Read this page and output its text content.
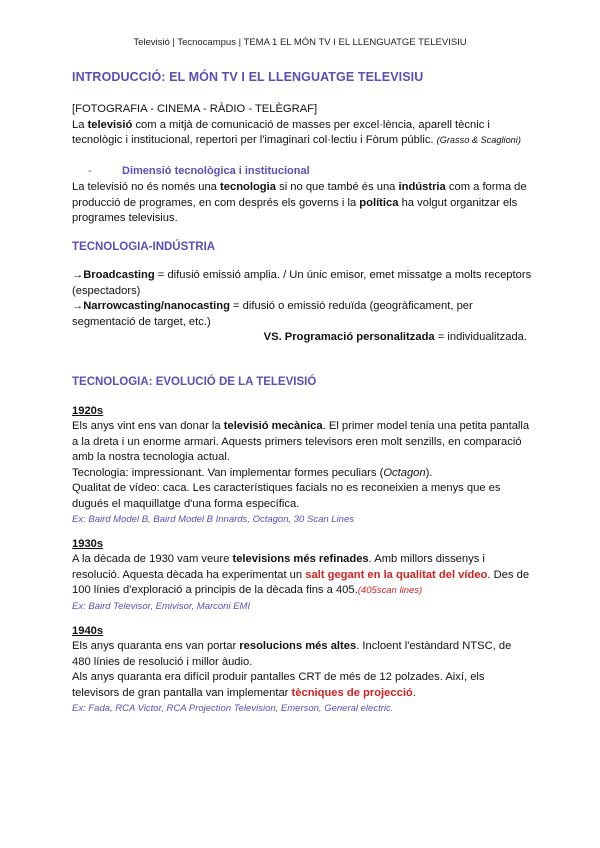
Televisió | Tecnocampus | TEMA 1 EL MÓN TV I EL LLENGUATGE TELEVISIU
INTRODUCCIÓ: EL MÓN TV I EL LLENGUATGE TELEVISIU
[FOTOGRAFIA - CINEMA - RÀDIO - TELÈGRAF]
La televisió com a mitjà de comunicació de masses per excel·lència, aparell tècnic i tecnològic i institucional, repertori per l'imaginari col·lectiu i Fòrum públic. (Grasso & Scaglioni)
-	Dimensió tecnològica i institucional
La televisió no és només una tecnologia si no que també és una indústria com a forma de producció de programes, en com després els governs i la política ha volgut organitzar els programes televisius.
TECNOLOGIA-INDÚSTRIA
→Broadcasting = difusió emissió amplia. / Un únic emisor, emet missatge a molts receptors (espectadors)
→Narrowcasting/nanocasting = difusió o emissió reduïda (geogràficament, per segmentació de target, etc.)
VS. Programació personalitzada = individualitzada.
TECNOLOGIA: EVOLUCIÓ DE LA TELEVISIÓ
1920s
Els anys vint ens van donar la televisió mecànica. El primer model tenia una petita pantalla a la dreta i un enorme armari. Aquests primers televisors eren molt senzills, en comparació amb la nostra tecnologia actual.
Tecnologia: impressionant. Van implementar formes peculiars (Octagon).
Qualitat de vídeo: caca. Les característiques facials no es reconeixien a menys que es dugués el maquillatge d'una forma específica.
Ex: Baird Model B, Baird Model B Innards, Octagon, 30 Scan Lines
1930s
A la dècada de 1930 vam veure televisions més refinades. Amb millors dissenys i resolució. Aquesta dècada ha experimentat un salt gegant en la qualitat del vídeo. Des de 100 línies d'exploració a principis de la dècada fins a 405.(405scan lines)
Ex: Baird Televisor, Emivisor, Marconi EMI
1940s
Els anys quaranta ens van portar resolucions més altes. Incloent l'estàndard NTSC, de 480 línies de resolució i millor àudio.
Als anys quaranta era difícil produir pantalles CRT de més de 12 polzades. Així, els televisors de gran pantalla van implementar tècniques de projecció.
Ex: Fada, RCA Victor, RCA Projection Television, Emerson, General electric.
